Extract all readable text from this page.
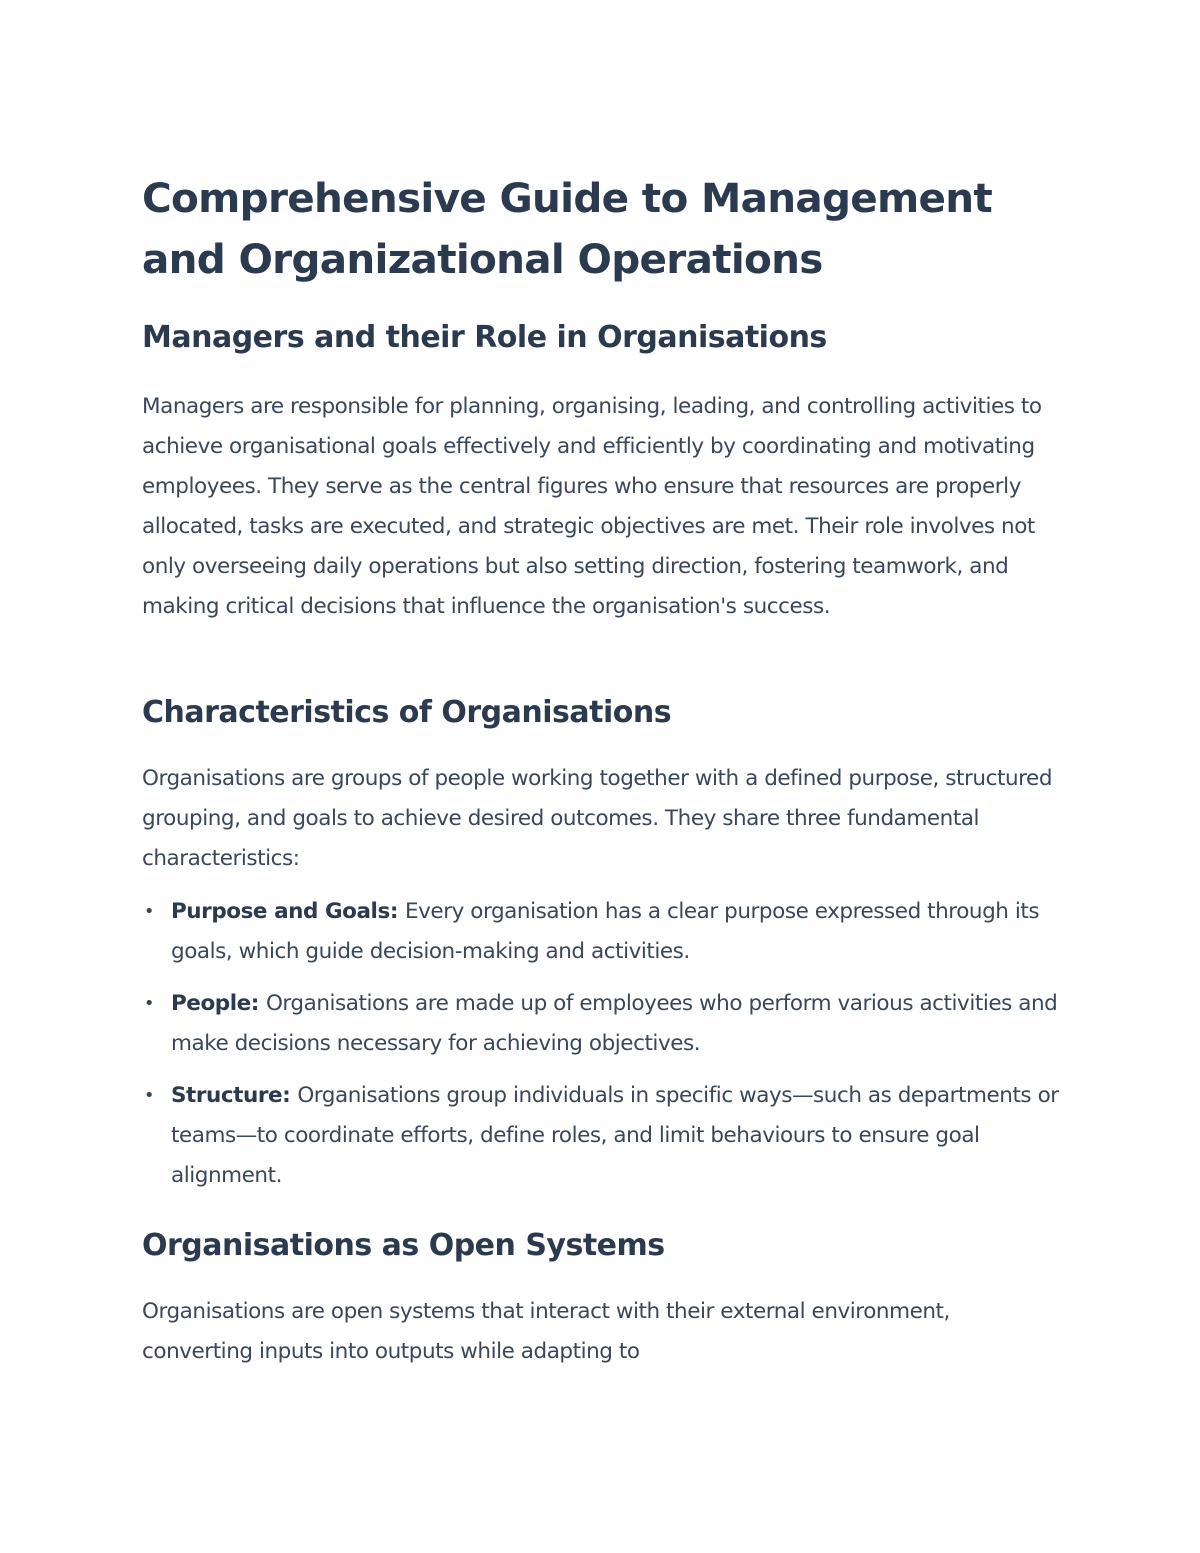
Comprehensive Guide to Management and Organizational Operations
Managers and their Role in Organisations

Managers are responsible for planning, organising, leading, and controlling activities to achieve organisational goals effectively and efficiently by coordinating and motivating employees. They serve as the central figures who ensure that resources are properly allocated, tasks are executed, and strategic objectives are met. Their role involves not only overseeing daily operations but also setting direction, fostering teamwork, and making critical decisions that influence the organisation's success.

Characteristics of Organisations

Organisations are groups of people working together with a defined purpose, structured grouping, and goals to achieve desired outcomes. They share three fundamental characteristics:

• Purpose and Goals: Every organisation has a clear purpose expressed through its goals, which guide decision-making and activities.
• People: Organisations are made up of employees who perform various activities and make decisions necessary for achieving objectives.
• Structure: Organisations group individuals in specific ways—such as departments or teams—to coordinate efforts, define roles, and limit behaviours to ensure goal alignment.
Organisations as Open Systems

Organisations are open systems that interact with their external environment, converting inputs into outputs while adapting to
